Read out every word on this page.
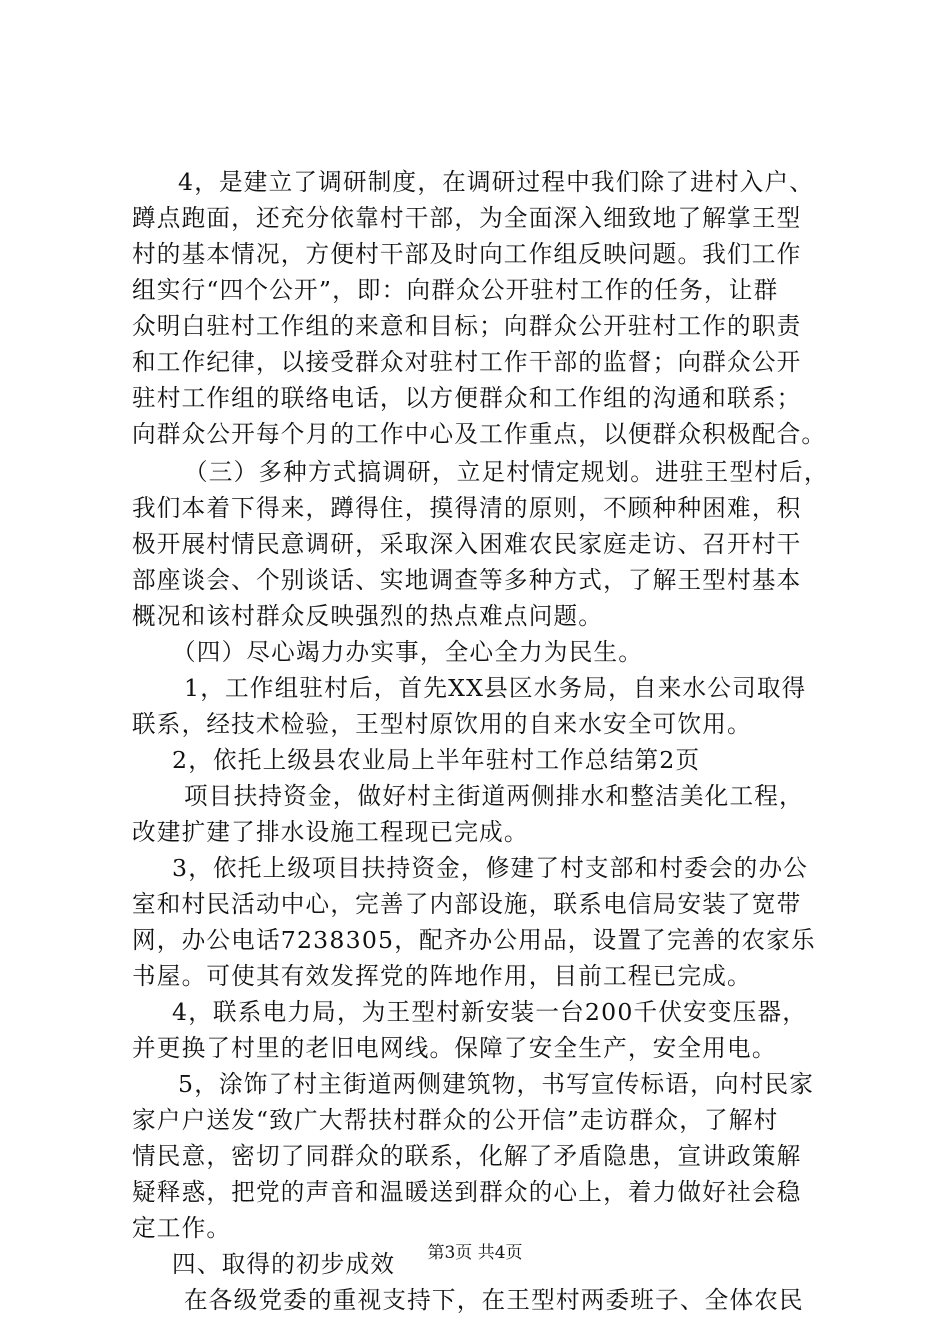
4，是建立了调研制度，在调研过程中我们除了进村入户、
蹲点跑面，还充分依靠村干部，为全面深入细致地了解掌王型
村的基本情况，方便村干部及时向工作组反映问题。我们工作
组实行“四个公开”，即：向群众公开驻村工作的任务，让群
众明白驻村工作组的来意和目标；向群众公开驻村工作的职责
和工作纪律，以接受群众对驻村工作干部的监督；向群众公开
驻村工作组的联络电话，以方便群众和工作组的沟通和联系；
向群众公开每个月的工作中心及工作重点，以便群众积极配合。
（三）多种方式搞调研，立足村情定规划。进驻王型村后，
我们本着下得来，蹲得住，摸得清的原则，不顾种种困难，积
极开展村情民意调研，采取深入困难农民家庭走访、召开村干
部座谈会、个别谈话、实地调查等多种方式，了解王型村基本
概况和该村群众反映强烈的热点难点问题。
（四）尽心竭力办实事，全心全力为民生。
1，工作组驻村后，首先XX县区水务局，自来水公司取得
联系，经技术检验，王型村原饮用的自来水安全可饮用。
2，依托上级县农业局上半年驻村工作总结第2页
项目扶持资金，做好村主街道两侧排水和整洁美化工程，
改建扩建了排水设施工程现已完成。
3，依托上级项目扶持资金，修建了村支部和村委会的办公
室和村民活动中心，完善了内部设施，联系电信局安装了宽带
网，办公电话7238305，配齐办公用品，设置了完善的农家乐
书屋。可使其有效发挥党的阵地作用，目前工程已完成。
4，联系电力局，为王型村新安装一台200千伏安变压器，
并更换了村里的老旧电网线。保障了安全生产，安全用电。
5，涂饰了村主街道两侧建筑物，书写宣传标语，向村民家
家户户送发“致广大帮扶村群众的公开信”走访群众，了解村
情民意，密切了同群众的联系，化解了矛盾隐患，宣讲政策解
疑释惑，把党的声音和温暖送到群众的心上，着力做好社会稳
定工作。
四、取得的初步成效
在各级党委的重视支持下，在王型村两委班子、全体农民
第3页 共4页
